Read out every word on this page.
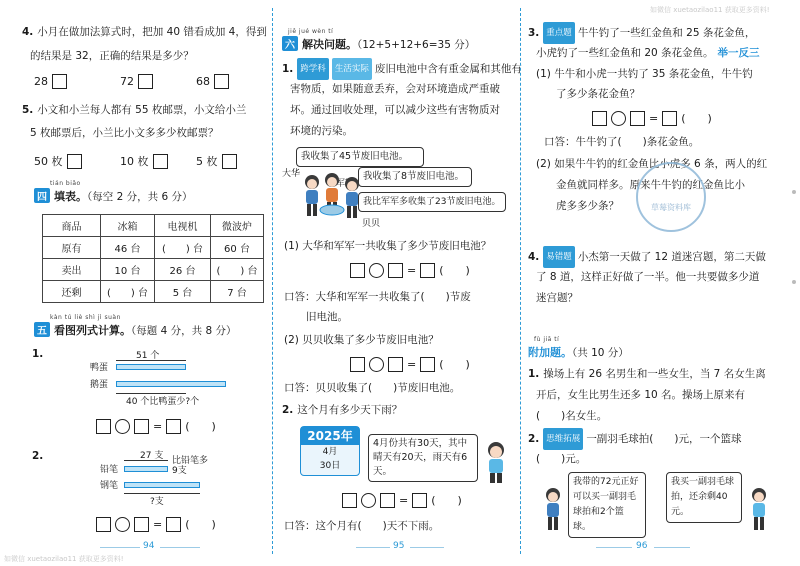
如微信 xuetaozilao11 获取更多资料!
如微信 xuetaozilao11 获取更多资料!
4. 小月在做加法算式时，把加 40 错看成加 4，得到
的结果是 32，正确的结果是多少？
28	72	68
5. 小文和小兰每人都有 55 枚邮票，小文给小兰
5 枚邮票后，小兰比小文多多少枚邮票？
50 枚	10 枚	5 枚
tián biǎo
四 填表。（每空 2 分，共 6 分）
商品	冰箱	电视机	微波炉
原有	46 台	(　　) 台	60 台
卖出	10 台	26 台	(　　) 台
还剩	(　　) 台	5 台	7 台
kàn tú liè shì jì suàn
五 看图列式计算。（每题 4 分，共 8 分）
1.	51 个
鸭蛋
鹅蛋
40 个比鸭蛋少?个
= (　　)
2.	27 支 比铅笔多9支
铅笔
钢笔
?支
= (　　)
94
jiě jué wèn tí
六 解决问题。（12+5+12+6=35 分）
1. 跨学科 生活实际 废旧电池中含有重金属和其他有
害物质，如果随意丢弃，会对环境造成严重破
坏。通过回收处理，可以减少这些有害物质对
环境的污染。
我收集了45节废旧电池。
我收集了8节废旧电池。
我比军军多收集了23节废旧电池。
大华
贝贝
(1) 大华和军军一共收集了多少节废旧电池？
= (　　)
口答：大华和军军一共收集了(　　)节废
旧电池。
(2) 贝贝收集了多少节废旧电池？
= (　　)
口答：贝贝收集了(　　)节废旧电池。
2. 这个月有多少天下雨？
2025年
4月
30日
4月份共有30天，其中晴天有20天，雨天有6天。
= (　　)
口答：这个月有(　　)天不下雨。
95
3. 重点题 牛牛钓了一些红金鱼和 25 条花金鱼，
小虎钓了一些红金鱼和 20 条花金鱼。 举一反三
(1) 牛牛和小虎一共钓了 35 条花金鱼，牛牛钓
了多少条花金鱼？
= (　　)
口答：牛牛钓了(　　)条花金鱼。
(2) 如果牛牛钓的红金鱼比小虎多 6 条，两人的红
金鱼就同样多。原来牛牛钓的红金鱼比小
虎多多少条？	草莓资料库
4. 易错题 小杰第一天做了 12 道迷宫题，第二天做
了 8 道，这样正好做了一半。他一共要做多少道
迷宫题？
fù jiā tí
附加题。（共 10 分）
1. 操场上有 26 名男生和一些女生，当 7 名女生离
开后，女生比男生还多 10 名。操场上原来有
(　　)名女生。
2. 思维拓展 一副羽毛球拍(　　)元，一个篮球
(　　)元。
我带的72元正好可以买一副羽毛球拍和2个篮球。
我买一副羽毛球拍，还余剩40元。
96
